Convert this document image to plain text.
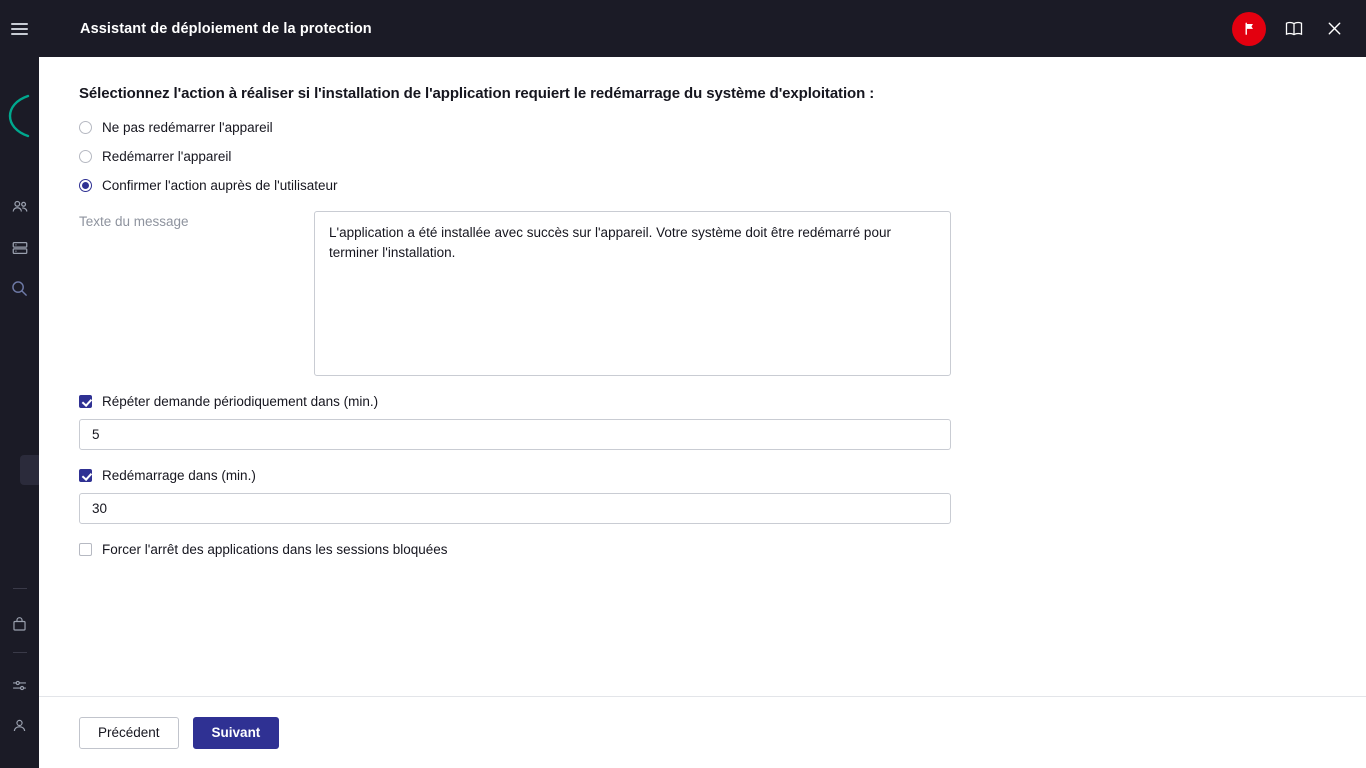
Assistant de déploiement de la protection
Sélectionnez l'action à réaliser si l'installation de l'application requiert le redémarrage du système d'exploitation :
Ne pas redémarrer l'appareil
Redémarrer l'appareil
Confirmer l'action auprès de l'utilisateur
Texte du message
L'application a été installée avec succès sur l'appareil. Votre système doit être redémarré pour terminer l'installation.
Répéter demande périodiquement dans (min.)
5
Redémarrage dans (min.)
30
Forcer l'arrêt des applications dans les sessions bloquées
Précédent	Suivant
